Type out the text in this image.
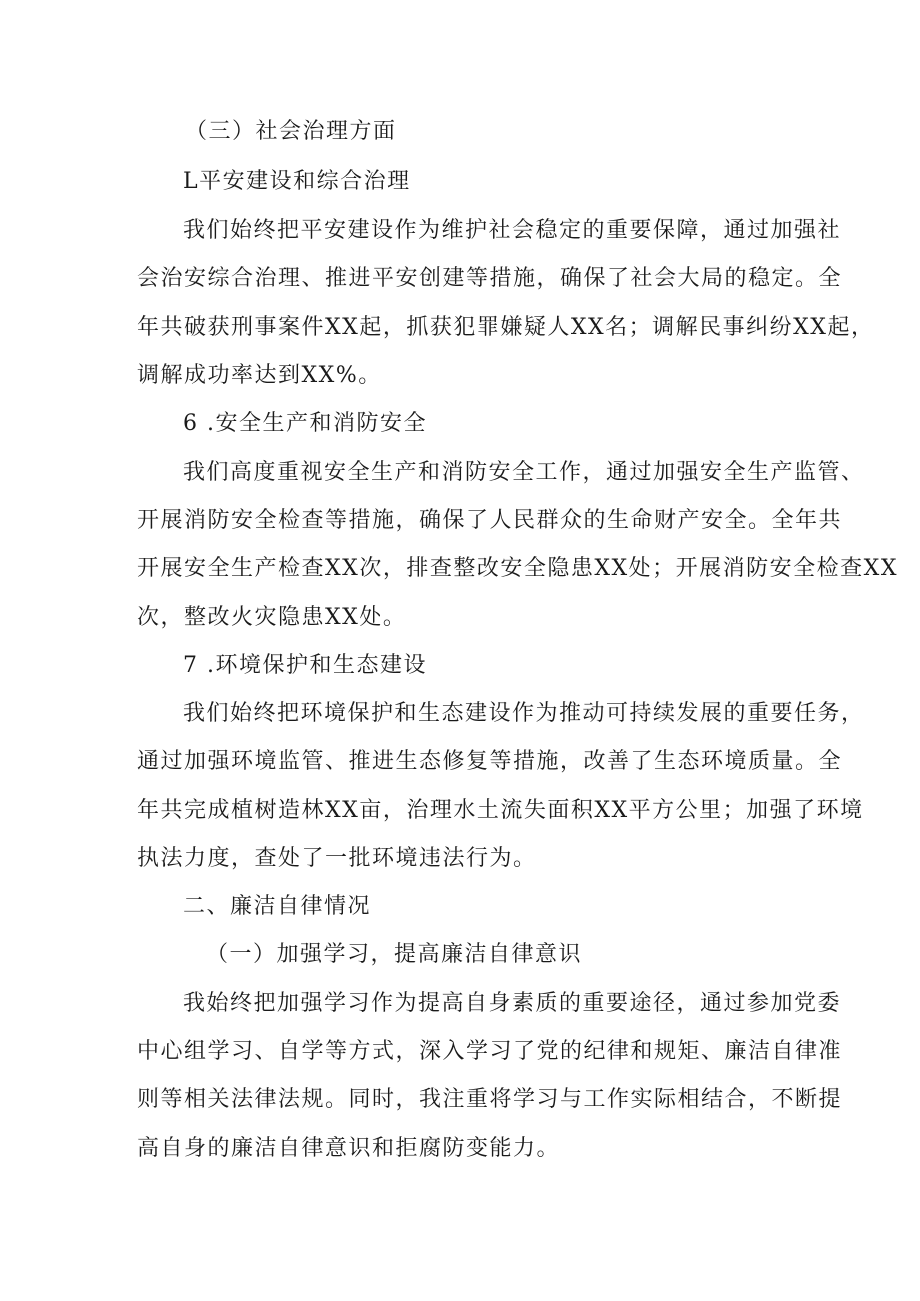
（三）社会治理方面
L平安建设和综合治理
我们始终把平安建设作为维护社会稳定的重要保障，通过加强社
会治安综合治理、推进平安创建等措施，确保了社会大局的稳定。全
年共破获刑事案件XX起，抓获犯罪嫌疑人XX名；调解民事纠纷XX起，
调解成功率达到XX%。
6 .安全生产和消防安全
我们高度重视安全生产和消防安全工作，通过加强安全生产监管、
开展消防安全检查等措施，确保了人民群众的生命财产安全。全年共
开展安全生产检查XX次，排查整改安全隐患XX处；开展消防安全检查XX
次，整改火灾隐患XX处。
7 .环境保护和生态建设
我们始终把环境保护和生态建设作为推动可持续发展的重要任务，
通过加强环境监管、推进生态修复等措施，改善了生态环境质量。全
年共完成植树造林XX亩，治理水土流失面积XX平方公里；加强了环境
执法力度，查处了一批环境违法行为。
二、廉洁自律情况
（一）加强学习，提高廉洁自律意识
我始终把加强学习作为提高自身素质的重要途径，通过参加党委
中心组学习、自学等方式，深入学习了党的纪律和规矩、廉洁自律准
则等相关法律法规。同时，我注重将学习与工作实际相结合，不断提
高自身的廉洁自律意识和拒腐防变能力。
